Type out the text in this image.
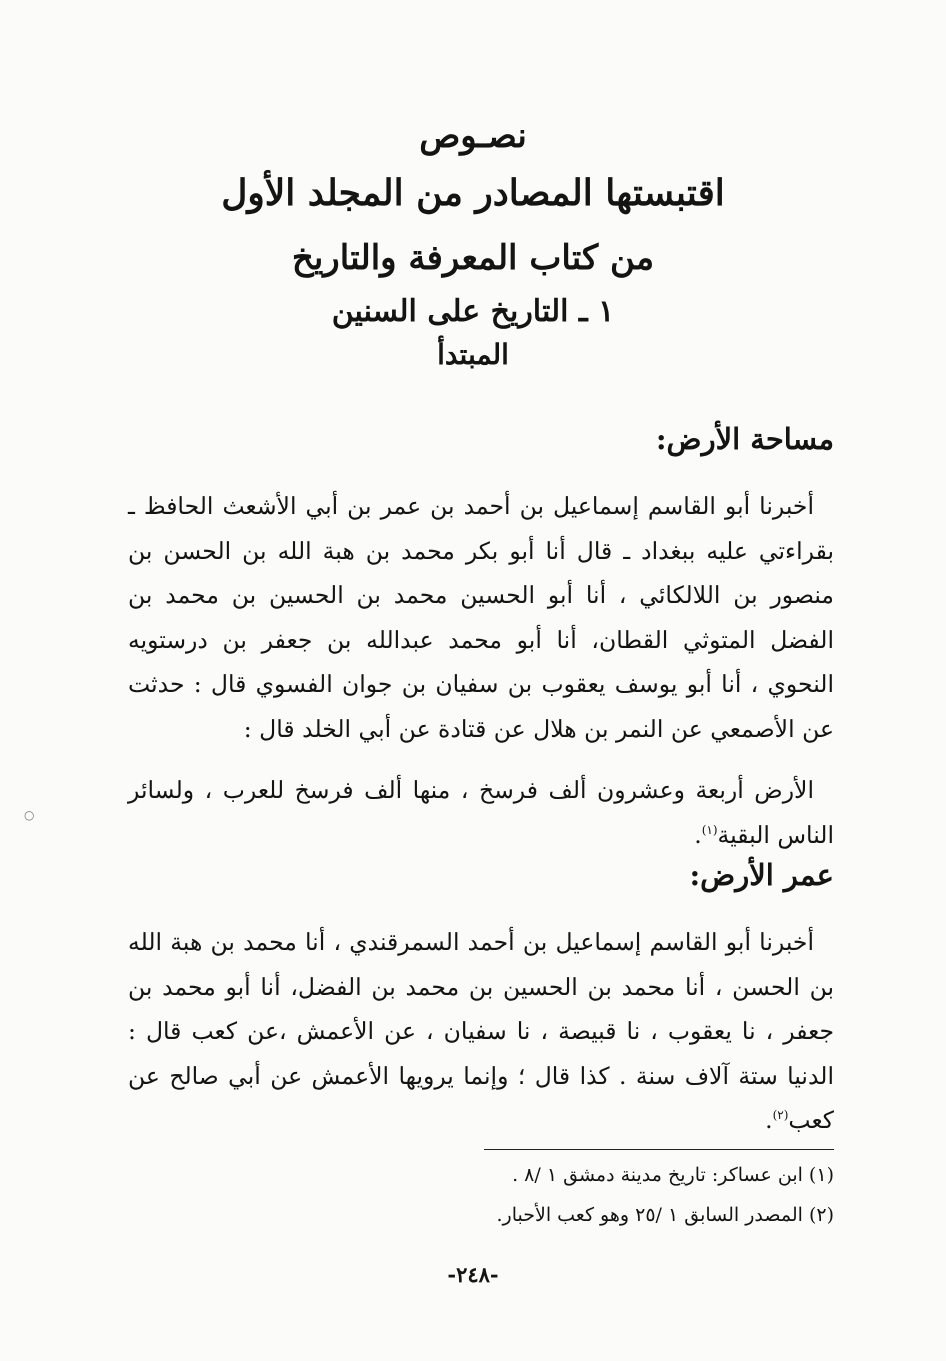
نصـوص
اقتبستها المصادر من المجلد الأول
من كتاب المعرفة والتاريخ
١ ـ التاريخ على السنين
المبتدأ
مساحة الأرض:

أخبرنا أبو القاسم إسماعيل بن أحمد بن عمر بن أبي الأشعث الحافظ ـ بقراءتي عليه ببغداد ـ قال أنا أبو بكر محمد بن هبة الله بن الحسن بن منصور بن اللالكائي ، أنا أبو الحسين محمد بن الحسين بن محمد بن الفضل المتوثي القطان، أنا أبو محمد عبدالله بن جعفر بن درستويه النحوي ، أنا أبو يوسف يعقوب بن سفيان بن جوان الفسوي قال : حدثت عن الأصمعي عن النمر بن هلال عن قتادة عن أبي الخلد قال :

الأرض أربعة وعشرون ألف فرسخ ، منها ألف فرسخ للعرب ، ولسائر الناس البقية$^{(١)}$.

عمر الأرض:

أخبرنا أبو القاسم إسماعيل بن أحمد السمرقندي ، أنا محمد بن هبة الله بن الحسن ، أنا محمد بن الحسين بن محمد بن الفضل، أنا أبو محمد بن جعفر ، نا يعقوب ، نا قبيصة ، نا سفيان ، عن الأعمش ،عن كعب قال : الدنيا ستة آلاف سنة . كذا قال ؛ وإنما يرويها الأعمش عن أبي صالح عن كعب$^{(٢)}$.

(١) ابن عساكر: تاريخ مدينة دمشق ١ /٨ .
(٢) المصدر السابق ١ /٢٥ وهو كعب الأحبار.
-٢٤٨-
○
